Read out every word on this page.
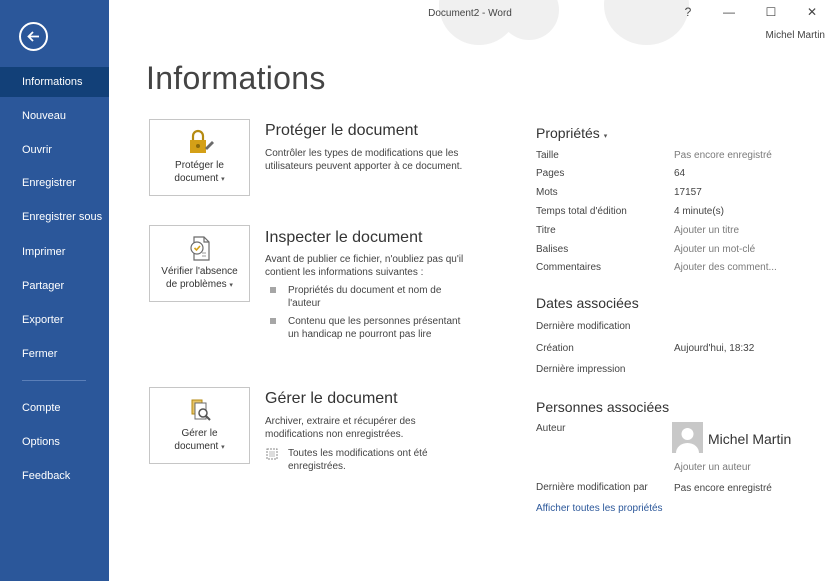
Informations
Nouveau
Ouvrir
Enregistrer
Enregistrer sous
Imprimer
Partager
Exporter
Fermer
Compte
Options
Feedback
Document2 - Word	?	—	☐	✕
Michel Martin
Informations
Protéger le
document ▾
Protéger le document
Contrôler les types de modifications que les utilisateurs peuvent apporter à ce document.
Vérifier l'absence
de problèmes ▾
Inspecter le document
Avant de publier ce fichier, n'oubliez pas qu'il contient les informations suivantes :
Propriétés du document et nom de l'auteur
Contenu que les personnes présentant un handicap ne pourront pas lire
Gérer le
document ▾
Gérer le document
Archiver, extraire et récupérer des modifications non enregistrées.
Toutes les modifications ont été enregistrées.
Propriétés ▾
Taille	Pas encore enregistré
Pages	64
Mots	17157
Temps total d'édition	4 minute(s)
Titre	Ajouter un titre
Balises	Ajouter un mot-clé
Commentaires	Ajouter des comment...
Dates associées
Dernière modification
Création	Aujourd'hui, 18:32
Dernière impression
Personnes associées
Auteur
Michel Martin
Ajouter un auteur
Dernière modification par	Pas encore enregistré
Afficher toutes les propriétés
